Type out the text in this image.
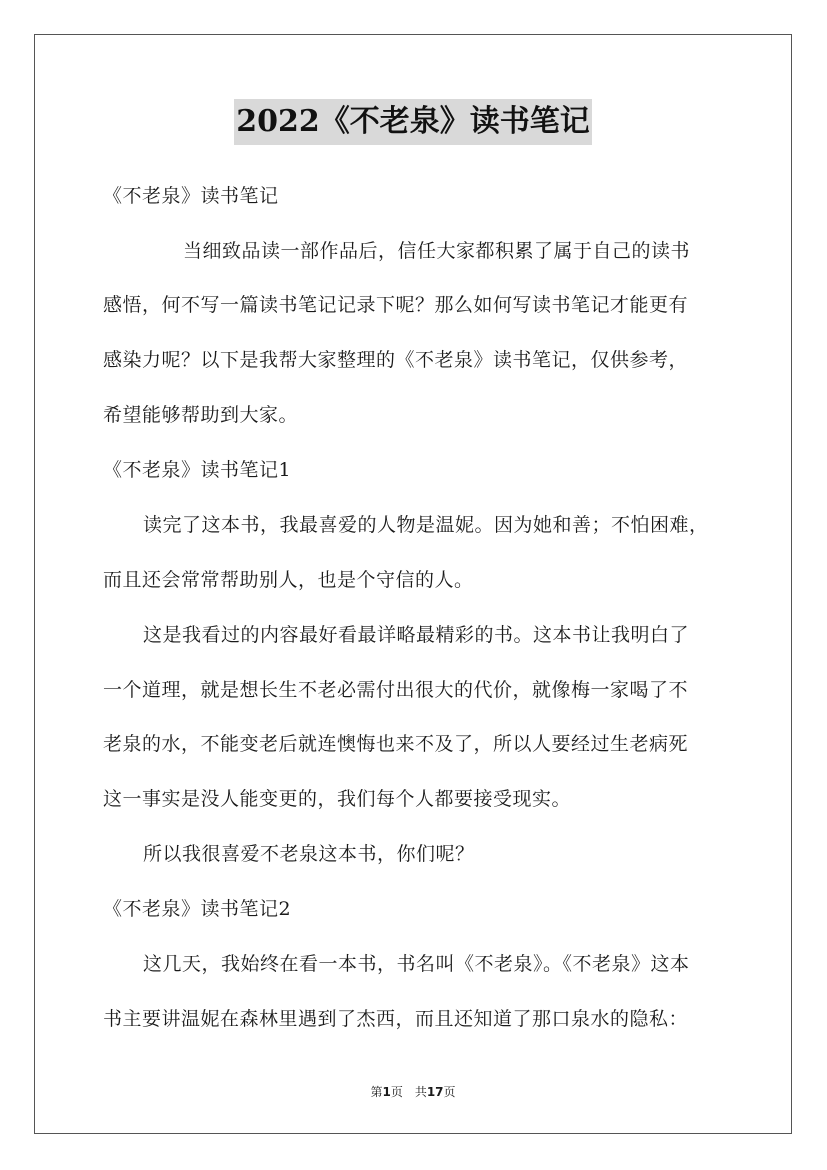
2022《不老泉》读书笔记
《不老泉》读书笔记
当细致品读一部作品后，信任大家都积累了属于自己的读书
感悟，何不写一篇读书笔记记录下呢？那么如何写读书笔记才能更有
感染力呢？以下是我帮大家整理的《不老泉》读书笔记，仅供参考，
希望能够帮助到大家。
《不老泉》读书笔记1
读完了这本书，我最喜爱的人物是温妮。因为她和善；不怕困难，
而且还会常常帮助别人，也是个守信的人。
这是我看过的内容最好看最详略最精彩的书。这本书让我明白了
一个道理，就是想长生不老必需付出很大的代价，就像梅一家喝了不
老泉的水，不能变老后就连懊悔也来不及了，所以人要经过生老病死
这一事实是没人能变更的，我们每个人都要接受现实。
所以我很喜爱不老泉这本书，你们呢？
《不老泉》读书笔记2
这几天，我始终在看一本书，书名叫《不老泉》。《不老泉》这本
书主要讲温妮在森林里遇到了杰西，而且还知道了那口泉水的隐私：
第1页　共17页
